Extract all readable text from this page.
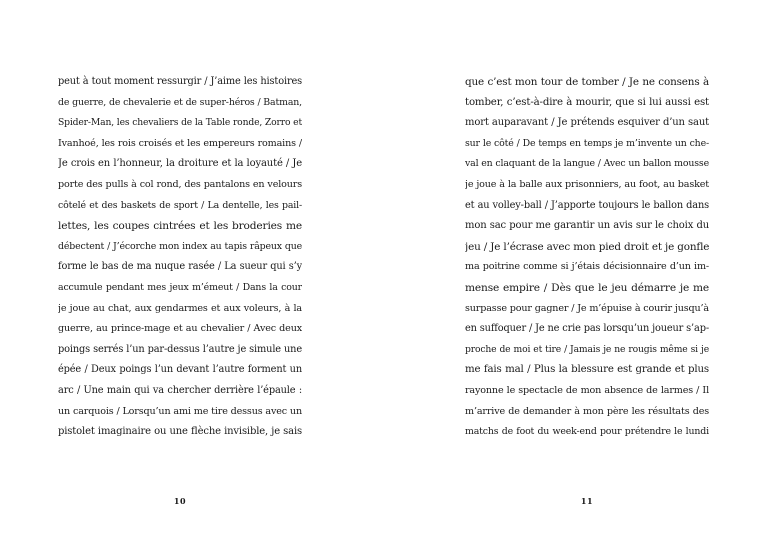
peut à tout moment ressurgir / J’aime les histoires
de guerre, de chevalerie et de super-héros / Batman,
Spider-Man, les chevaliers de la Table ronde, Zorro et
Ivanhoé, les rois croisés et les empereurs romains /
Je crois en l’honneur, la droiture et la loyauté / Je
porte des pulls à col rond, des pantalons en velours
côtelé et des baskets de sport / La dentelle, les pail-
lettes, les coupes cintrées et les broderies me
débectent / J’écorche mon index au tapis râpeux que
forme le bas de ma nuque rasée / La sueur qui s’y
accumule pendant mes jeux m’émeut / Dans la cour
je joue au chat, aux gendarmes et aux voleurs, à la
guerre, au prince-mage et au chevalier / Avec deux
poings serrés l’un par-dessus l’autre je simule une
épée / Deux poings l’un devant l’autre forment un
arc / Une main qui va chercher derrière l’épaule :
un carquois / Lorsqu’un ami me tire dessus avec un
pistolet imaginaire ou une flèche invisible, je sais
10
que c’est mon tour de tomber / Je ne consens à
tomber, c’est-à-dire à mourir, que si lui aussi est
mort auparavant / Je prétends esquiver d’un saut
sur le côté / De temps en temps je m’invente un che-
val en claquant de la langue / Avec un ballon mousse
je joue à la balle aux prisonniers, au foot, au basket
et au volley-ball / J’apporte toujours le ballon dans
mon sac pour me garantir un avis sur le choix du
jeu / Je l’écrase avec mon pied droit et je gonfle
ma poitrine comme si j’étais décisionnaire d’un im-
mense empire / Dès que le jeu démarre je me
surpasse pour gagner / Je m’épuise à courir jusqu’à
en suffoquer / Je ne crie pas lorsqu’un joueur s’ap-
proche de moi et tire / Jamais je ne rougis même si je
me fais mal / Plus la blessure est grande et plus
rayonne le spectacle de mon absence de larmes / Il
m’arrive de demander à mon père les résultats des
matchs de foot du week-end pour prétendre le lundi
11
